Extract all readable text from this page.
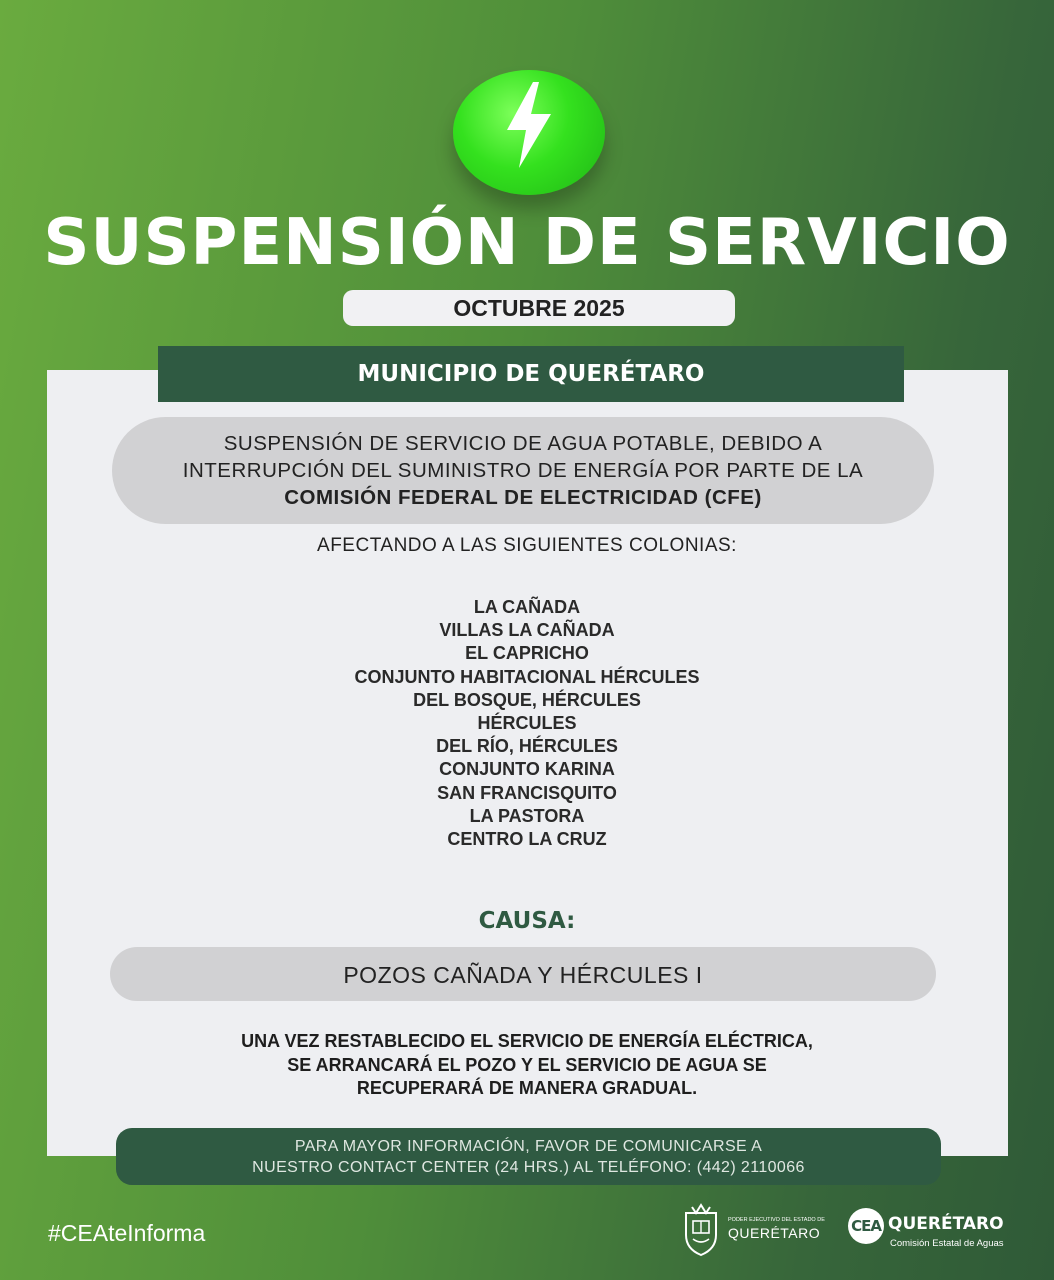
SUSPENSIÓN DE SERVICIO
OCTUBRE 2025
MUNICIPIO DE QUERÉTARO
SUSPENSIÓN DE SERVICIO DE AGUA POTABLE, DEBIDO A
INTERRUPCIÓN DEL SUMINISTRO DE ENERGÍA POR PARTE DE LA
COMISIÓN FEDERAL DE ELECTRICIDAD (CFE)
AFECTANDO A LAS SIGUIENTES COLONIAS:
LA CAÑADA
VILLAS LA CAÑADA
EL CAPRICHO
CONJUNTO HABITACIONAL HÉRCULES
DEL BOSQUE, HÉRCULES
HÉRCULES
DEL RÍO, HÉRCULES
CONJUNTO KARINA
SAN FRANCISQUITO
LA PASTORA
CENTRO LA CRUZ
CAUSA:
POZOS CAÑADA Y HÉRCULES I
UNA VEZ RESTABLECIDO EL SERVICIO DE ENERGÍA ELÉCTRICA,
SE ARRANCARÁ EL POZO Y EL SERVICIO DE AGUA SE
RECUPERARÁ DE MANERA GRADUAL.
PARA MAYOR INFORMACIÓN, FAVOR DE COMUNICARSE A
NUESTRO CONTACT CENTER (24 HRS.) AL TELÉFONO: (442) 2110066
#CEAteInforma	PODER EJECUTIVO DEL ESTADO DE
QUERÉTARO CEA QUERÉTARO
Comisión Estatal de Aguas
